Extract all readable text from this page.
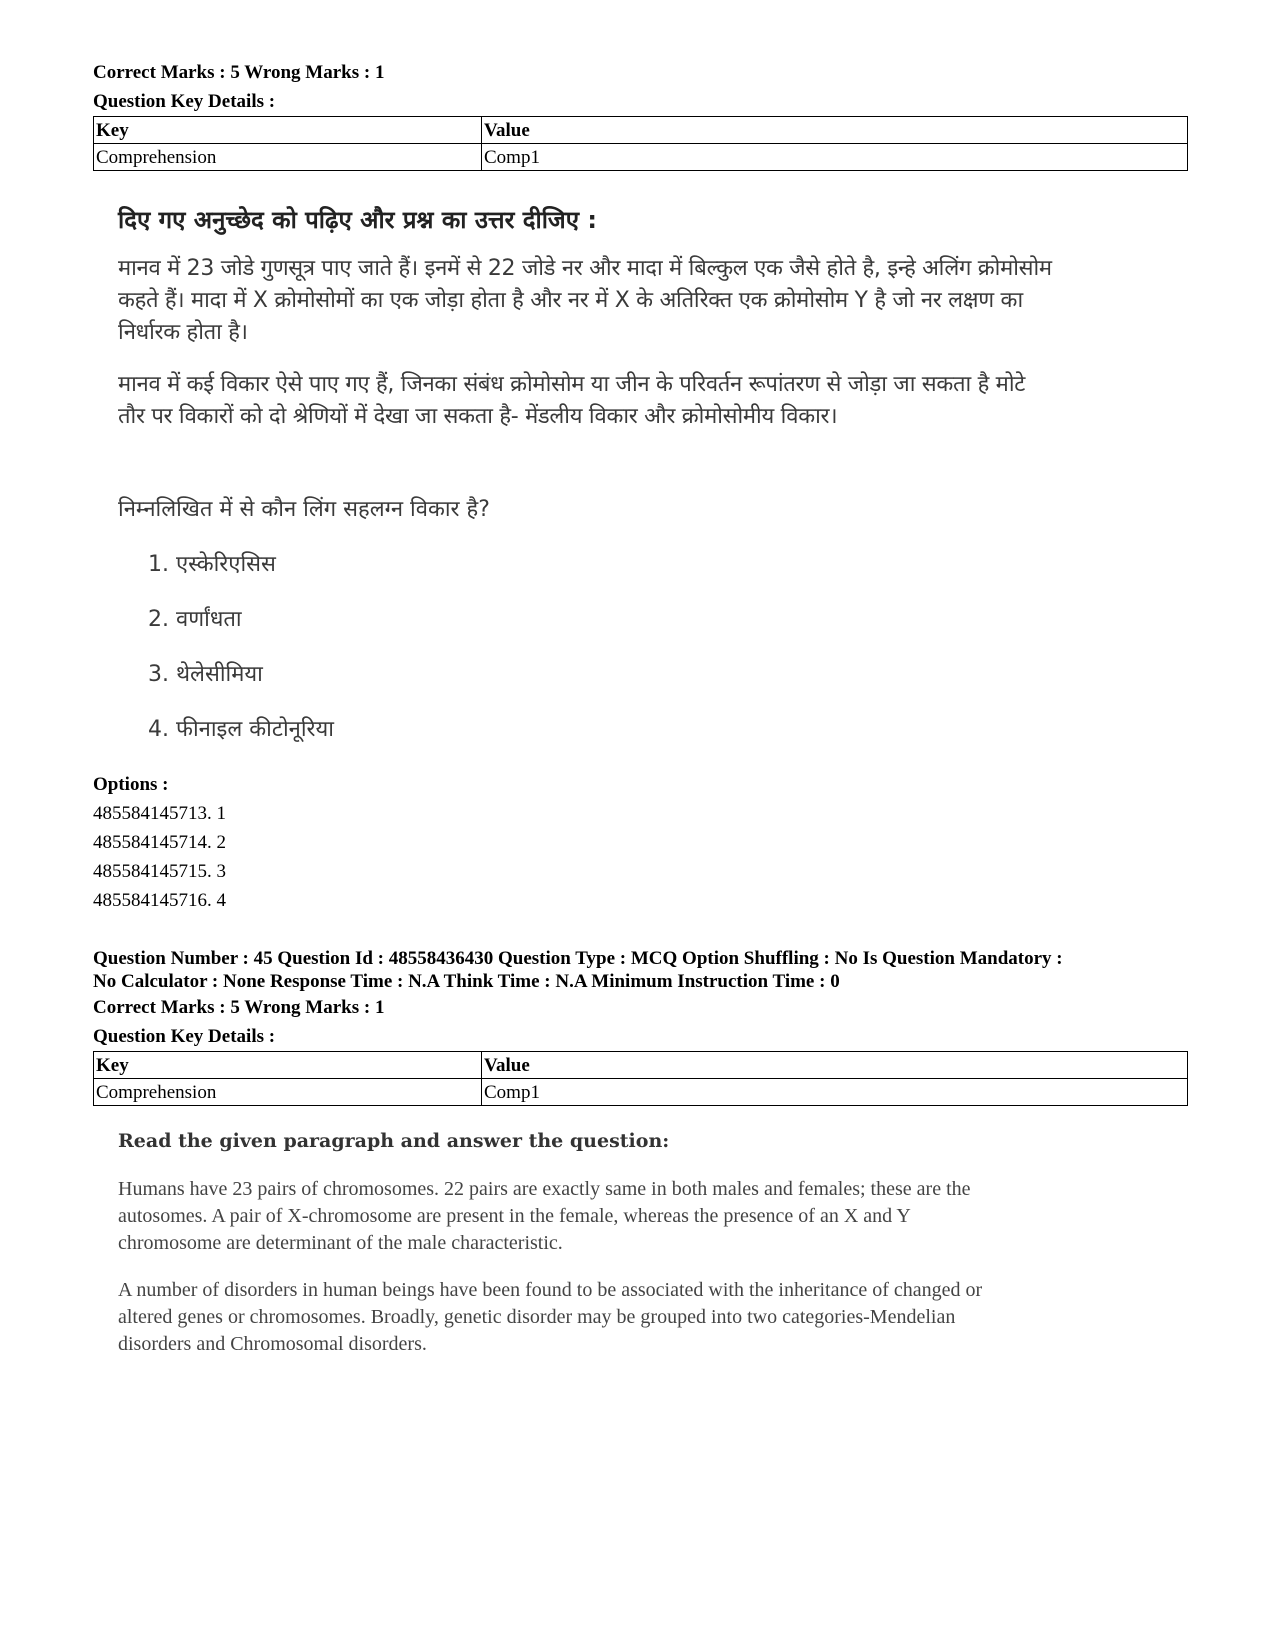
Correct Marks : 5 Wrong Marks : 1

Question Key Details :

Key	Value
Comprehension	Comp1

दिए गए अनुच्छेद को पढ़िए और प्रश्न का उत्तर दीजिए :

मानव में 23 जोडे गुणसूत्र पाए जाते हैं। इनमें से 22 जोडे नर और मादा में बिल्कुल एक जैसे होते है, इन्हे अलिंग क्रोमोसोम

कहते हैं। मादा में X क्रोमोसोमों का एक जोड़ा होता है और नर में X के अतिरिक्त एक क्रोमोसोम Y है जो नर लक्षण का

निर्धारक होता है।

मानव में कई विकार ऐसे पाए गए हैं, जिनका संबंध क्रोमोसोम या जीन के परिवर्तन रूपांतरण से जोड़ा जा सकता है मोटे

तौर पर विकारों को दो श्रेणियों में देखा जा सकता है- मेंडलीय विकार और क्रोमोसोमीय विकार।

निम्नलिखित में से कौन लिंग सहलग्न विकार है?

1. एस्केरिएसिस

2. वर्णांधता

3. थेलेसीमिया

4. फीनाइल कीटोनूरिया

Options :

485584145713. 1

485584145714. 2

485584145715. 3

485584145716. 4

Question Number : 45 Question Id : 48558436430 Question Type : MCQ Option Shuffling : No Is Question Mandatory :

No Calculator : None Response Time : N.A Think Time : N.A Minimum Instruction Time : 0

Correct Marks : 5 Wrong Marks : 1

Question Key Details :

Key	Value
Comprehension	Comp1

Read the given paragraph and answer the question:

Humans have 23 pairs of chromosomes. 22 pairs are exactly same in both males and females; these are the

autosomes. A pair of X-chromosome are present in the female, whereas the presence of an X and Y

chromosome are determinant of the male characteristic.

A number of disorders in human beings have been found to be associated with the inheritance of changed or

altered genes or chromosomes. Broadly, genetic disorder may be grouped into two categories-Mendelian

disorders and Chromosomal disorders.
